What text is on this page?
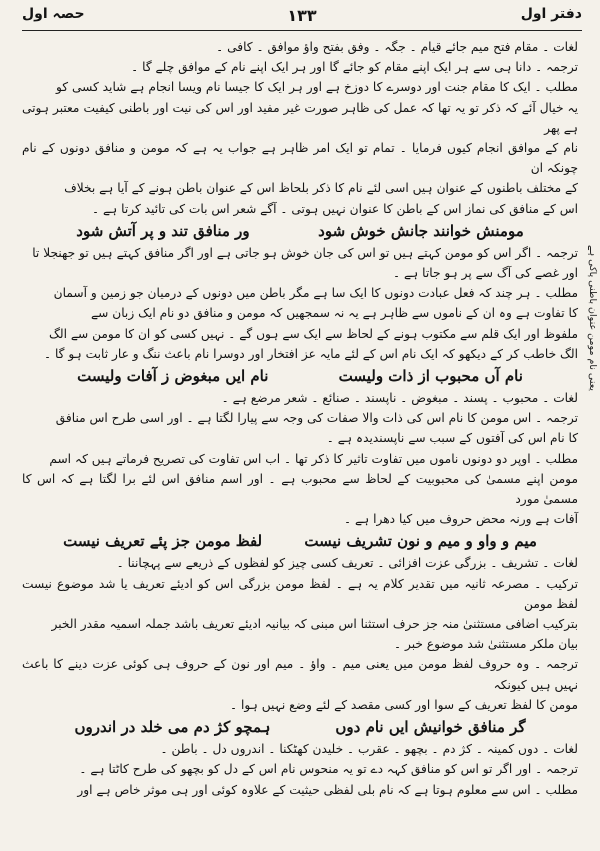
دفتر اول
۱۳۳
حصہ اول

لغات ۔ مقام فتح میم جائے قیام ۔ جگہ ۔ وفق بفتح واؤ موافق ۔ کافی ۔

ترجمہ ۔ دانا ہی سے ہر ایک اپنے مقام کو جائے گا اور ہر ایک اپنے نام کے موافق چلے گا ۔

مطلب ۔ ایک کا مقام جنت اور دوسرے کا دوزخ ہے اور ہر ایک کا جیسا نام ویسا انجام ہے شاید کسی کو

یہ خیال آئے کہ ذکر تو یہ تھا کہ عمل کی ظاہر صورت غیر مفید اور اس کی نیت اور باطنی کیفیت معتبر ہوتی ہے پھر

نام کے موافق انجام کیوں فرمایا ۔ تمام تو ایک امر ظاہر ہے جواب یہ ہے کہ مومن و منافق دونوں کے نام چونکہ ان

کے مختلف باطنوں کے عنوان ہیں اسی لئے نام کا ذکر بلحاظ اس کے عنوان باطن ہونے کے آیا ہے بخلاف

اس کے منافق کی نماز اس کے باطن کا عنوان نہیں ہوتی ۔ آگے شعر اس بات کی تائید کرتا ہے ۔

مومنش خوانند جانش خوش شود
ور منافق تند و پر آتش شود

ترجمہ ۔ اگر اس کو مومن کہتے ہیں تو اس کی جان خوش ہو جاتی ہے اور اگر منافق کہتے ہیں تو جھنجلا تا

اور غصے کی آگ سے پر ہو جاتا ہے ۔

مطلب ۔ ہر چند کہ فعل عبادت دونوں کا ایک سا ہے مگر باطن میں دونوں کے درمیان جو زمین و آسمان

کا تفاوت ہے وہ ان کے ناموں سے ظاہر ہے یہ نہ سمجھیں کہ مومن و منافق دو نام ایک زبان سے

ملفوظ اور ایک قلم سے مکتوب ہونے کے لحاظ سے ایک سے ہوں گے ۔ نہیں کسی کو ان کا مومن سے الگ

الگ خاطب کر کے دیکھو کہ ایک نام اس کے لئے مایہ عز افتخار اور دوسرا نام باعث ننگ و عار ثابت ہو گا ۔

نام آں محبوب از ذات ولیست
نام ایں مبغوض ز آفات ولیست

لغات ۔ محبوب ۔ پسند ۔ مبغوض ۔ ناپسند ۔ صنائع ۔ شعر مرضع ہے ۔

ترجمہ ۔ اس مومن کا نام اس کی ذات والا صفات کی وجہ سے پیارا لگتا ہے ۔ اور اسی طرح اس منافق

کا نام اس کی آفتوں کے سبب سے ناپسندیدہ ہے ۔

مطلب ۔ اوپر دو دونوں ناموں میں تفاوت تاثیر کا ذکر تھا ۔ اب اس تفاوت کی تصریح فرماتے ہیں کہ اسم

مومن اپنے مسمیٰ کی محبوبیت کے لحاظ سے محبوب ہے ۔ اور اسم منافق اس لئے برا لگتا ہے کہ اس کا مسمیٰ مورد

آفات ہے ورنہ محض حروف میں کیا دھرا ہے ۔

میم و واو و میم و نون تشریف نیست
لفظ مومن جز پئے تعریف نیست

لغات ۔ تشریف ۔ بزرگی عزت افزائی ۔ تعریف کسی چیز کو لفظوں کے ذریعے سے پہچاننا ۔

ترکیب ۔ مصرعہ ثانیہ میں تقدیر کلام یہ ہے ۔ لفظ مومن بزرگی اس کو ادیئے تعریف یا شد موضوع نیست لفظ مومن

بترکیب اضافی مستثنیٰ منہ جز حرف استثنا اس مبنی کہ بیانیہ ادیئے تعریف باشد جملہ اسمیہ مقدر الخبر

بیان ملکر مستثنیٰ شد موضوع خبر ۔

ترجمہ ۔ وہ حروف لفظ مومن میں یعنی میم ۔ واؤ ۔ میم اور نون کے حروف ہی کوئی عزت دینے کا باعث نہیں ہیں کیونکہ

مومن کا لفظ تعریف کے سوا اور کسی مقصد کے لئے وضع نہیں ہوا ۔

گر منافق خوانیش ایں نام دوں
ہمچو کژ دم می خلد در اندروں

لغات ۔ دوں کمینہ ۔ کژ دم ۔ بچھو ۔ عقرب ۔ خلیدن کھٹکنا ۔ اندروں دل ۔ باطن ۔

ترجمہ ۔ اور اگر تو اس کو منافق کہہ دے تو یہ منحوس نام اس کے دل کو بچھو کی طرح کاٹتا ہے ۔

مطلب ۔ اس سے معلوم ہوتا ہے کہ نام بلی لفظی حیثیت کے علاوہ کوئی اور ہی موثر خاص ہے اور

یعنی نام مومن عنوان باطنی پاکی ہے
